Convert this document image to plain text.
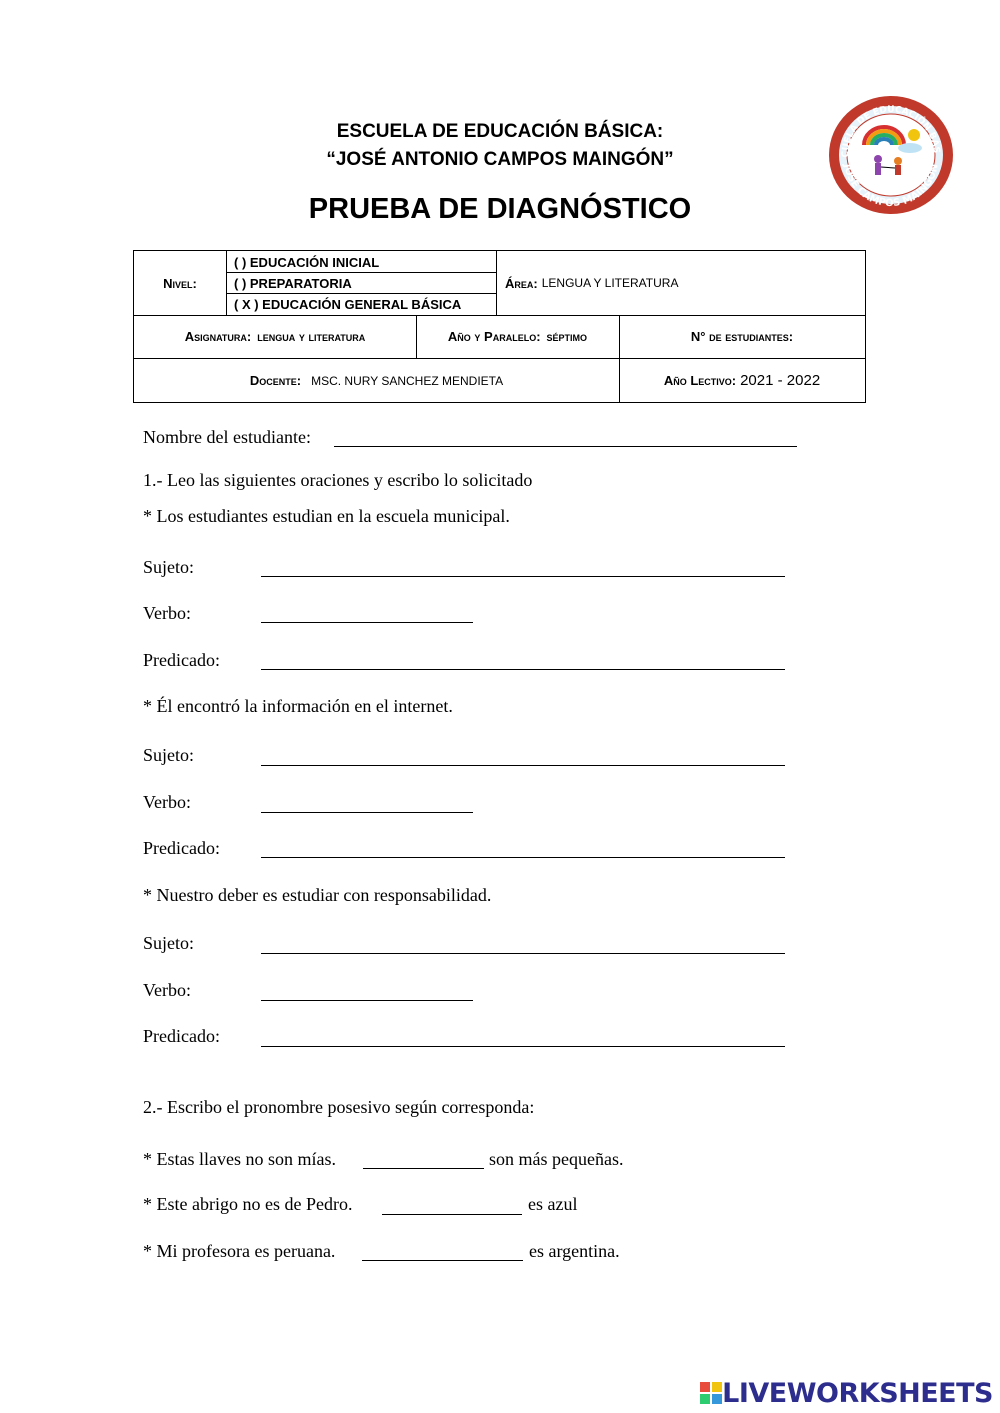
ESCUELA DE EDUCACIÓN BÁSICA:
“JOSÉ ANTONIO CAMPOS MAINGÓN”
PRUEBA DE DIAGNÓSTICO
CUELA DE EDUCACIÓN BÁS
"JOSÉ CAMPOS MAINGÓN"
Nivel:
( ) EDUCACIÓN INICIAL
( ) PREPARATORIA
( X ) EDUCACIÓN GENERAL BÁSICA
Área: LENGUA Y LITERATURA
Asignatura: lengua y literatura	Año y Paralelo: séptimo	N° de estudiantes:
Docente: MSC. NURY SANCHEZ MENDIETA	Año Lectivo: 2021 - 2022
Nombre del estudiante:
1.- Leo las siguientes oraciones y escribo lo solicitado
* Los estudiantes estudian en la escuela municipal.
Sujeto:
Verbo:
Predicado:
* Él encontró la información en el internet.
Sujeto:
Verbo:
Predicado:
* Nuestro deber es estudiar con responsabilidad.
Sujeto:
Verbo:
Predicado:
2.- Escribo el pronombre posesivo según corresponda:
* Estas llaves no son mías.	son más pequeñas.
* Este abrigo no es de Pedro.	es azul
* Mi profesora es peruana.	es argentina.
LIVEWORKSHEETS
